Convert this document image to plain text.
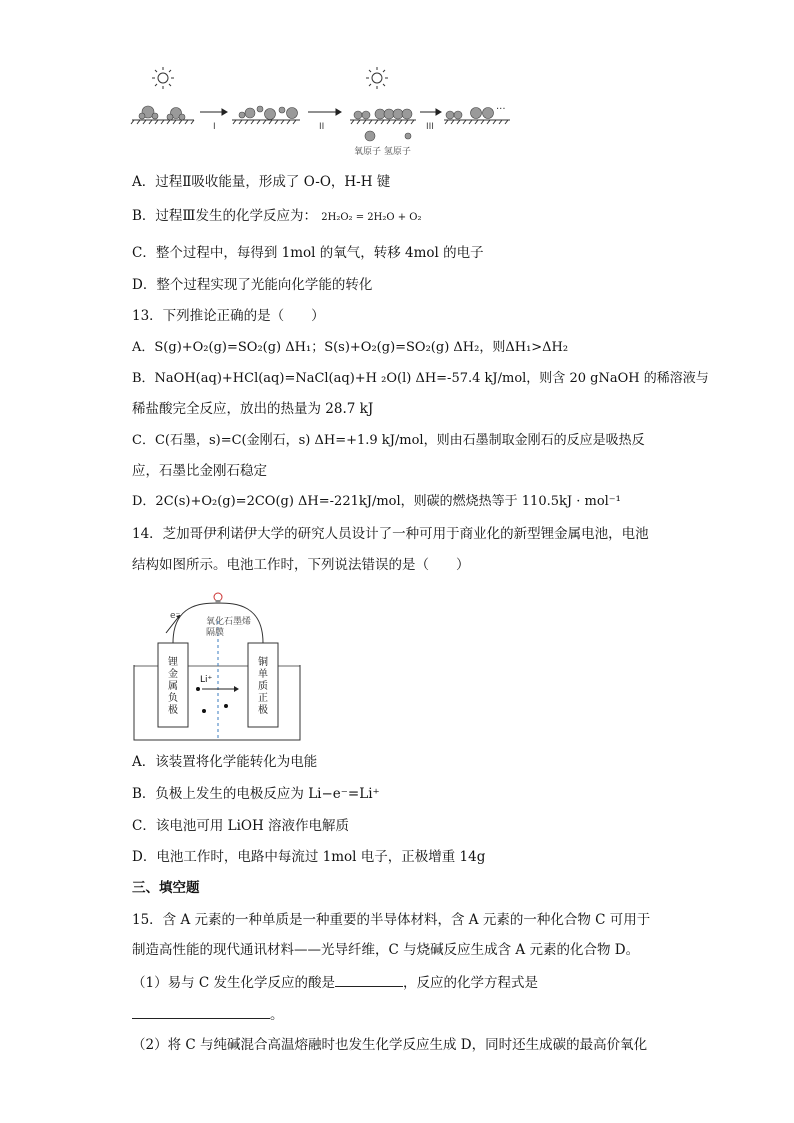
···
I	II	III
氧原子 氢原子
A．过程Ⅱ吸收能量，形成了 O-O，H-H 键
B．过程Ⅲ发生的化学反应为： 2H₂O₂ = 2H₂O + O₂
C．整个过程中，每得到 1mol 的氧气，转移 4mol 的电子
D．整个过程实现了光能向化学能的转化
13．下列推论正确的是（　　）
A．S(g)+O₂(g)=SO₂(g) ΔH₁；S(s)+O₂(g)=SO₂(g) ΔH₂，则ΔH₁>ΔH₂
B．NaOH(aq)+HCl(aq)=NaCl(aq)+H ₂O(l) ΔH=-57.4 kJ/mol，则含 20 gNaOH 的稀溶液与
稀盐酸完全反应，放出的热量为 28.7 kJ
C．C(石墨，s)=C(金刚石，s) ΔH=+1.9 kJ/mol，则由石墨制取金刚石的反应是吸热反
应，石墨比金刚石稳定
D．2C(s)+O₂(g)=2CO(g) ΔH=-221kJ/mol，则碳的燃烧热等于 110.5kJ · mol⁻¹
14．芝加哥伊利诺伊大学的研究人员设计了一种可用于商业化的新型锂金属电池，电池
结构如图所示。电池工作时，下列说法错误的是（　　）
e⁻
氧化石墨烯隔膜
锂金属负极
铜单质正极
Li⁺
A．该装置将化学能转化为电能
B．负极上发生的电极反应为 Li−e⁻=Li⁺
C．该电池可用 LiOH 溶液作电解质
D．电池工作时，电路中每流过 1mol 电子，正极增重 14g
三、填空题
15．含 A 元素的一种单质是一种重要的半导体材料，含 A 元素的一种化合物 C 可用于
制造高性能的现代通讯材料——光导纤维，C 与烧碱反应生成含 A 元素的化合物 D。
（1）易与 C 发生化学反应的酸是	，反应的化学方程式是
。
（2）将 C 与纯碱混合高温熔融时也发生化学反应生成 D，同时还生成碳的最高价氧化
